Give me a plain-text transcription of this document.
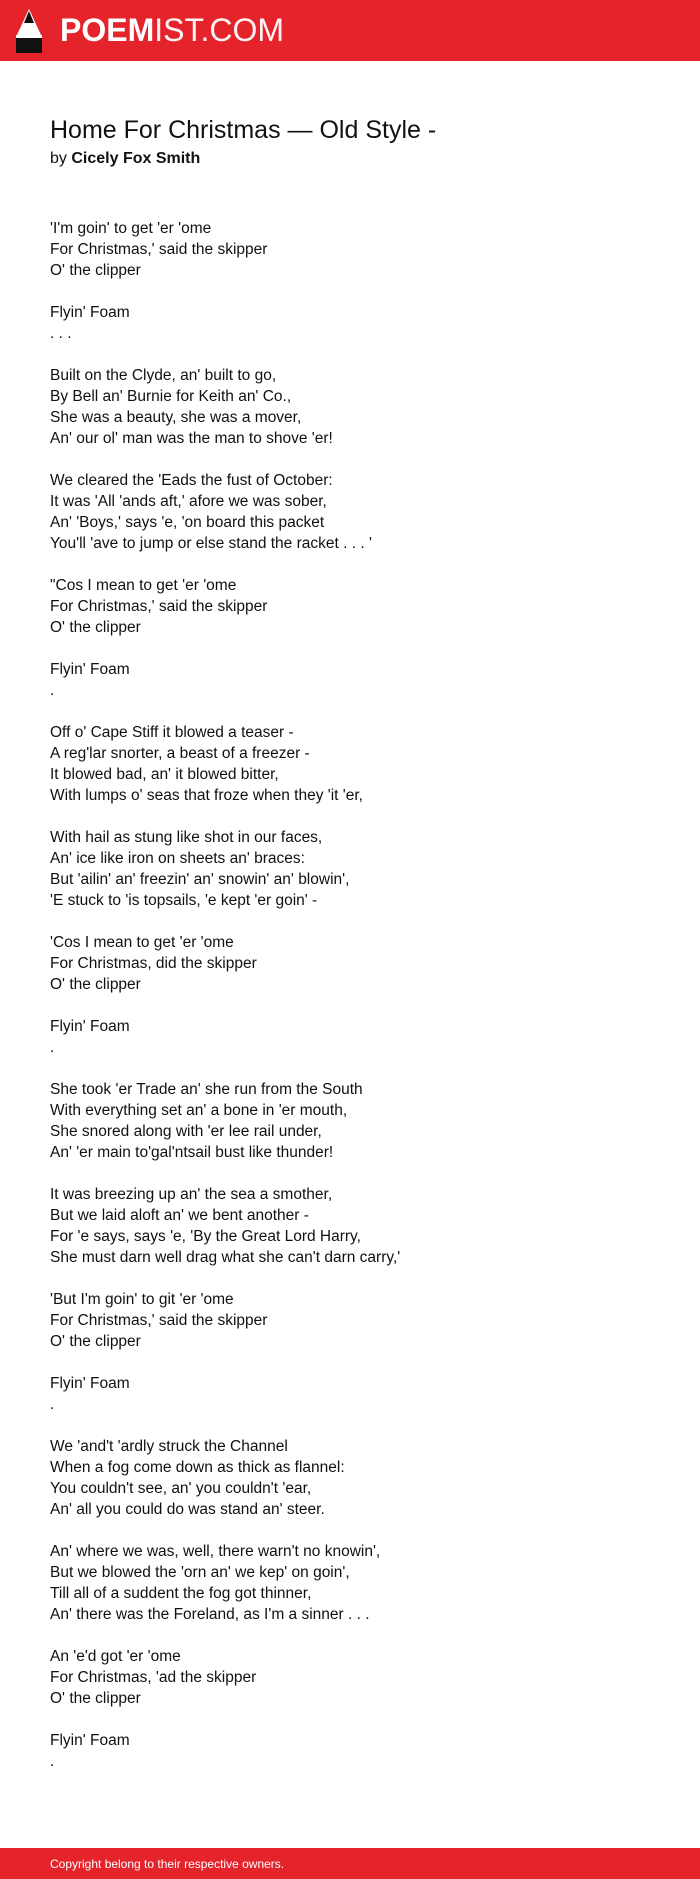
POEMIST.COM
Home For Christmas — Old Style -
by Cicely Fox Smith
'I'm goin' to get 'er 'ome
For Christmas,' said the skipper
O' the clipper
Flyin' Foam
. . .
Built on the Clyde, an' built to go,
By Bell an' Burnie for Keith an' Co.,
She was a beauty, she was a mover,
An' our ol' man was the man to shove 'er!
We cleared the 'Eads the fust of October:
It was 'All 'ands aft,' afore we was sober,
An' 'Boys,' says 'e, 'on board this packet
You'll 'ave to jump or else stand the racket . . . '
"Cos I mean to get 'er 'ome
For Christmas,' said the skipper
O' the clipper
Flyin' Foam
.
Off o' Cape Stiff it blowed a teaser -
A reg'lar snorter, a beast of a freezer -
It blowed bad, an' it blowed bitter,
With lumps o' seas that froze when they 'it 'er,
With hail as stung like shot in our faces,
An' ice like iron on sheets an' braces:
But 'ailin' an' freezin' an' snowin' an' blowin',
'E stuck to 'is topsails, 'e kept 'er goin' -
'Cos I mean to get 'er 'ome
For Christmas, did the skipper
O' the clipper
Flyin' Foam
.
She took 'er Trade an' she run from the South
With everything set an' a bone in 'er mouth,
She snored along with 'er lee rail under,
An' 'er main to'gal'ntsail bust like thunder!
It was breezing up an' the sea a smother,
But we laid aloft an' we bent another -
For 'e says, says 'e, 'By the Great Lord Harry,
She must darn well drag what she can't darn carry,'
'But I'm goin' to git 'er 'ome
For Christmas,' said the skipper
O' the clipper
Flyin' Foam
.
We 'and't 'ardly struck the Channel
When a fog come down as thick as flannel:
You couldn't see, an' you couldn't 'ear,
An' all you could do was stand an' steer.
An' where we was, well, there warn't no knowin',
But we blowed the 'orn an' we kep' on goin',
Till all of a suddent the fog got thinner,
An' there was the Foreland, as I'm a sinner . . .
An 'e'd got 'er 'ome
For Christmas, 'ad the skipper
O' the clipper
Flyin' Foam
.
Copyright belong to their respective owners.
